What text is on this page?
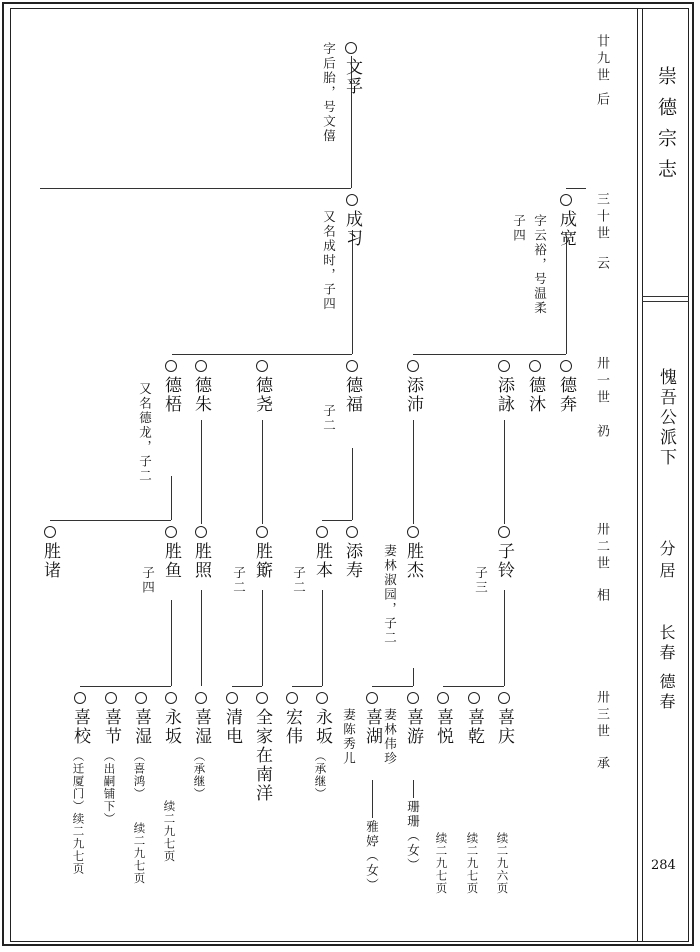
崇德宗志
愧吾公派下
分居
长春 德春
284
廿九世
后
三十世
云
卅一世
礽
卅二世
相
卅三世
承
文孚
字后胎，号文僖
成习
又名成时，子四	成宽
字云裕，号温柔
子四
德梧
又名德龙，子二 德朱 德尧	德福
子二
添沛	添詠 德沐 德奔
胜诸	胜鱼
子四
胜照 胜簛
子二
胜本
子二
添寿 胜杰
妻林淑园，子二	子铃
子三
喜校
（迁厦门）续二九七页
喜节
（出嗣铺下）
喜湿
（喜鸿）
续二九七页
永坂
续二九七页
喜湿
（承继）
清电 全家在南洋 宏伟 永坂
（承继）
妻陈秀儿 喜湖
雅婷（女）
妻林伟珍 喜游
珊珊（女）
喜悦
续二九七页
喜乾
续二九七页
喜庆
续二九六页
